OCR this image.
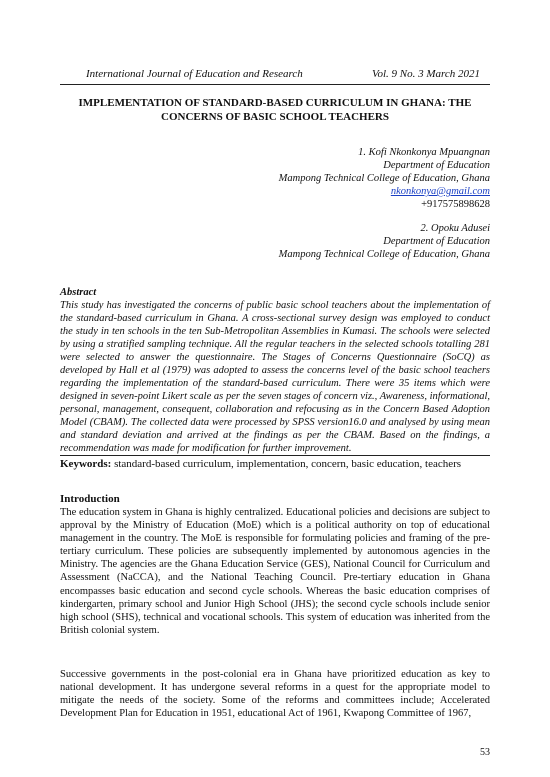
International Journal of Education and Research	Vol. 9 No. 3 March 2021
IMPLEMENTATION OF STANDARD-BASED CURRICULUM IN GHANA: THE
CONCERNS OF BASIC SCHOOL TEACHERS
1. Kofi Nkonkonya Mpuangnan
Department of Education
Mampong Technical College of Education, Ghana
nkonkonya@gmail.com
+917575898628
2. Opoku Adusei
Department of Education
Mampong Technical College of Education, Ghana
Abstract
This study has investigated the concerns of public basic school teachers about the implementation of the standard-based curriculum in Ghana. A cross-sectional survey design was employed to conduct the study in ten schools in the ten Sub-Metropolitan Assemblies in Kumasi. The schools were selected by using a stratified sampling technique. All the regular teachers in the selected schools totalling 281 were selected to answer the questionnaire. The Stages of Concerns Questionnaire (SoCQ) as developed by Hall et al (1979) was adopted to assess the concerns level of the basic school teachers regarding the implementation of the standard-based curriculum. There were 35 items which were designed in seven-point Likert scale as per the seven stages of concern viz., Awareness, informational, personal, management, consequent, collaboration and refocusing as in the Concern Based Adoption Model (CBAM). The collected data were processed by SPSS version16.0 and analysed by using mean and standard deviation and arrived at the findings as per the CBAM. Based on the findings, a recommendation was made for modification for further improvement.
Keywords: standard-based curriculum, implementation, concern, basic education, teachers
Introduction
The education system in Ghana is highly centralized. Educational policies and decisions are subject to approval by the Ministry of Education (MoE) which is a political authority on top of educational management in the country. The MoE is responsible for formulating policies and framing of the pre-tertiary curriculum. These policies are subsequently implemented by autonomous agencies in the Ministry. The agencies are the Ghana Education Service (GES), National Council for Curriculum and Assessment (NaCCA), and the National Teaching Council. Pre-tertiary education in Ghana encompasses basic education and second cycle schools. Whereas the basic education comprises of kindergarten, primary school and Junior High School (JHS); the second cycle schools include senior high school (SHS), technical and vocational schools. This system of education was inherited from the British colonial system.
Successive governments in the post-colonial era in Ghana have prioritized education as key to national development. It has undergone several reforms in a quest for the appropriate model to mitigate the needs of the society. Some of the reforms and committees include; Accelerated Development Plan for Education in 1951, educational Act of 1961, Kwapong Committee of 1967,
53
